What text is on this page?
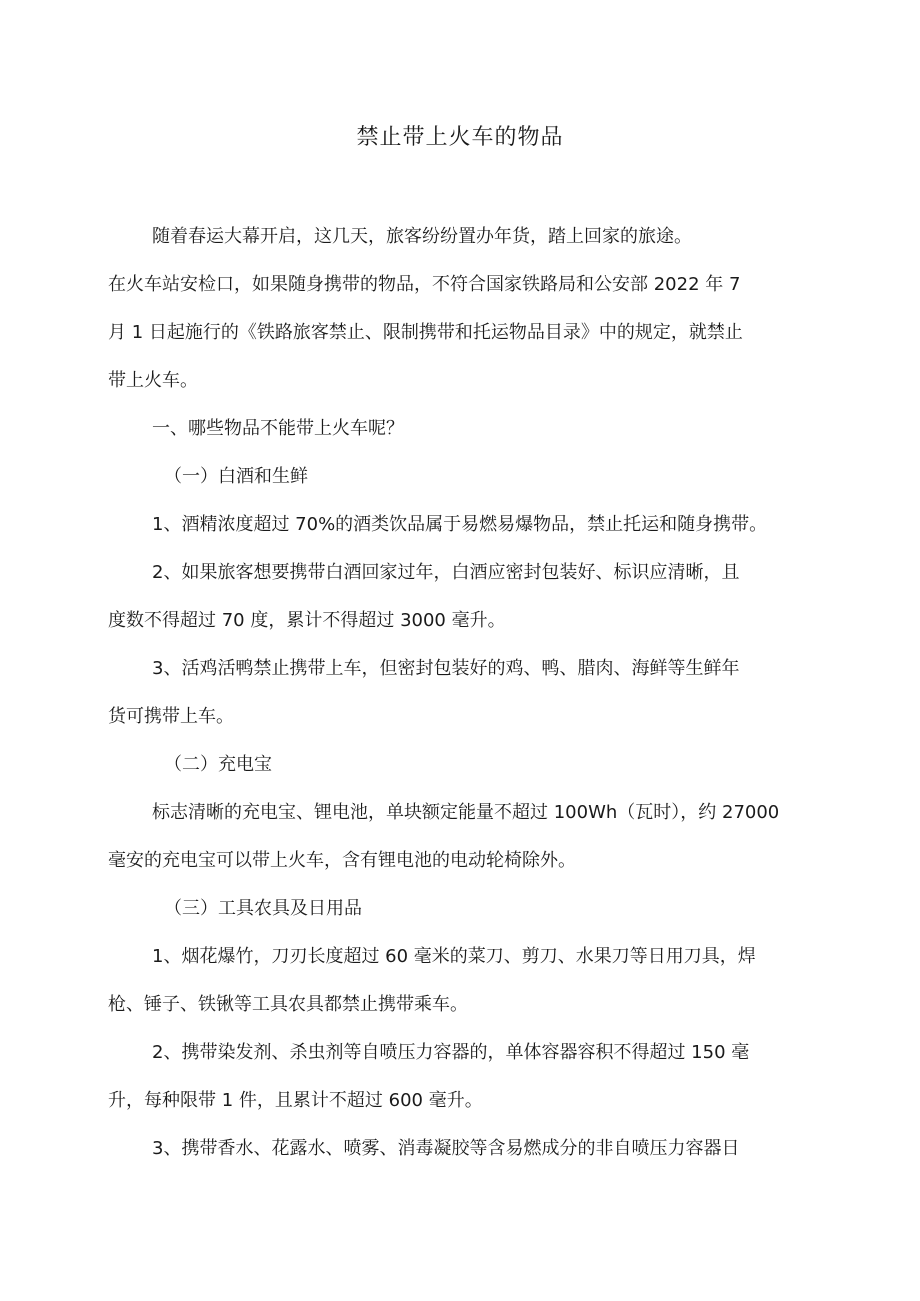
禁止带上火车的物品

随着春运大幕开启，这几天，旅客纷纷置办年货，踏上回家的旅途。

在火车站安检口，如果随身携带的物品，不符合国家铁路局和公安部 2022 年 7

月 1 日起施行的《铁路旅客禁止、限制携带和托运物品目录》中的规定，就禁止

带上火车。

一、哪些物品不能带上火车呢？

（一）白酒和生鲜

1、酒精浓度超过 70%的酒类饮品属于易燃易爆物品，禁止托运和随身携带。

2、如果旅客想要携带白酒回家过年，白酒应密封包装好、标识应清晰，且

度数不得超过 70 度，累计不得超过 3000 毫升。

3、活鸡活鸭禁止携带上车，但密封包装好的鸡、鸭、腊肉、海鲜等生鲜年

货可携带上车。

（二）充电宝

标志清晰的充电宝、锂电池，单块额定能量不超过 100Wh（瓦时），约 27000

毫安的充电宝可以带上火车，含有锂电池的电动轮椅除外。

（三）工具农具及日用品

1、烟花爆竹，刀刃长度超过 60 毫米的菜刀、剪刀、水果刀等日用刀具，焊

枪、锤子、铁锹等工具农具都禁止携带乘车。

2、携带染发剂、杀虫剂等自喷压力容器的，单体容器容积不得超过 150 毫

升，每种限带 1 件，且累计不超过 600 毫升。

3、携带香水、花露水、喷雾、消毒凝胶等含易燃成分的非自喷压力容器日
